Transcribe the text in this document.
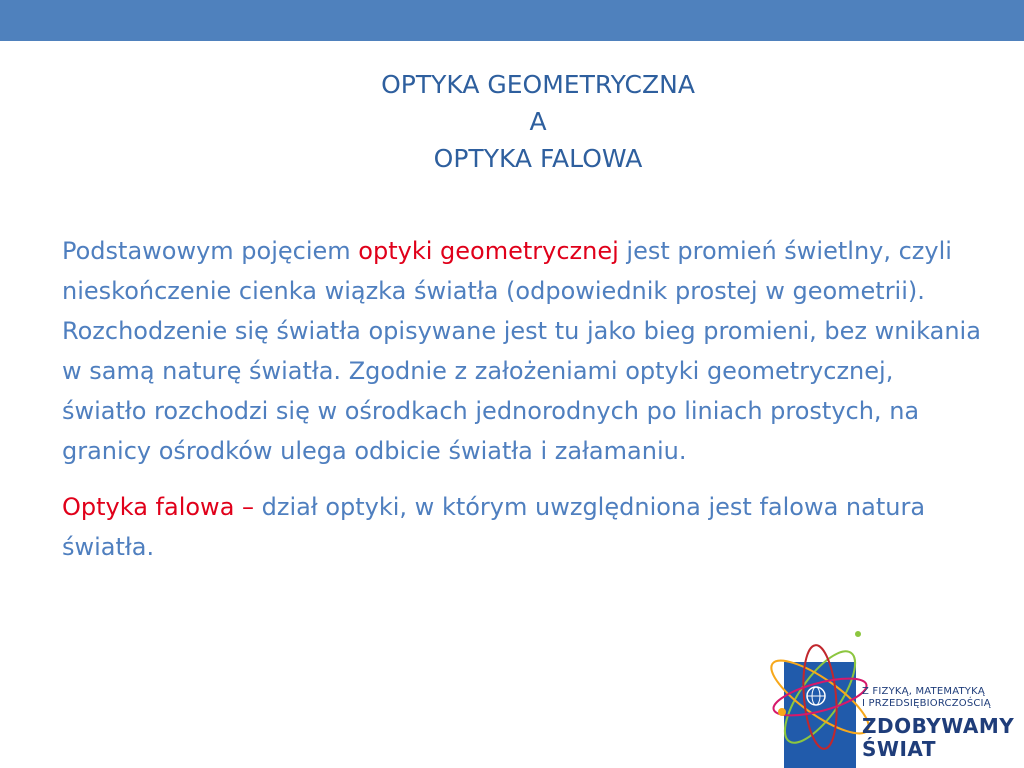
OPTYKA GEOMETRYCZNA
A
OPTYKA FALOWA

Podstawowym pojęciem optyki geometrycznej jest promień świetlny, czyli nieskończenie cienka wiązka światła (odpowiednik prostej w geometrii). Rozchodzenie się światła opisywane jest tu jako bieg promieni, bez wnikania w samą naturę światła. Zgodnie z założeniami optyki geometrycznej, światło rozchodzi się w ośrodkach jednorodnych po liniach prostych, na granicy ośrodków ulega odbicie światła i załamaniu.

Optyka falowa – dział optyki, w którym uwzględniona jest falowa natura światła.

Z FIZYKĄ, MATEMATYKĄ
I PRZEDSIĘBIORCZOŚCIĄ
ZDOBYWAMY
ŚWIAT
